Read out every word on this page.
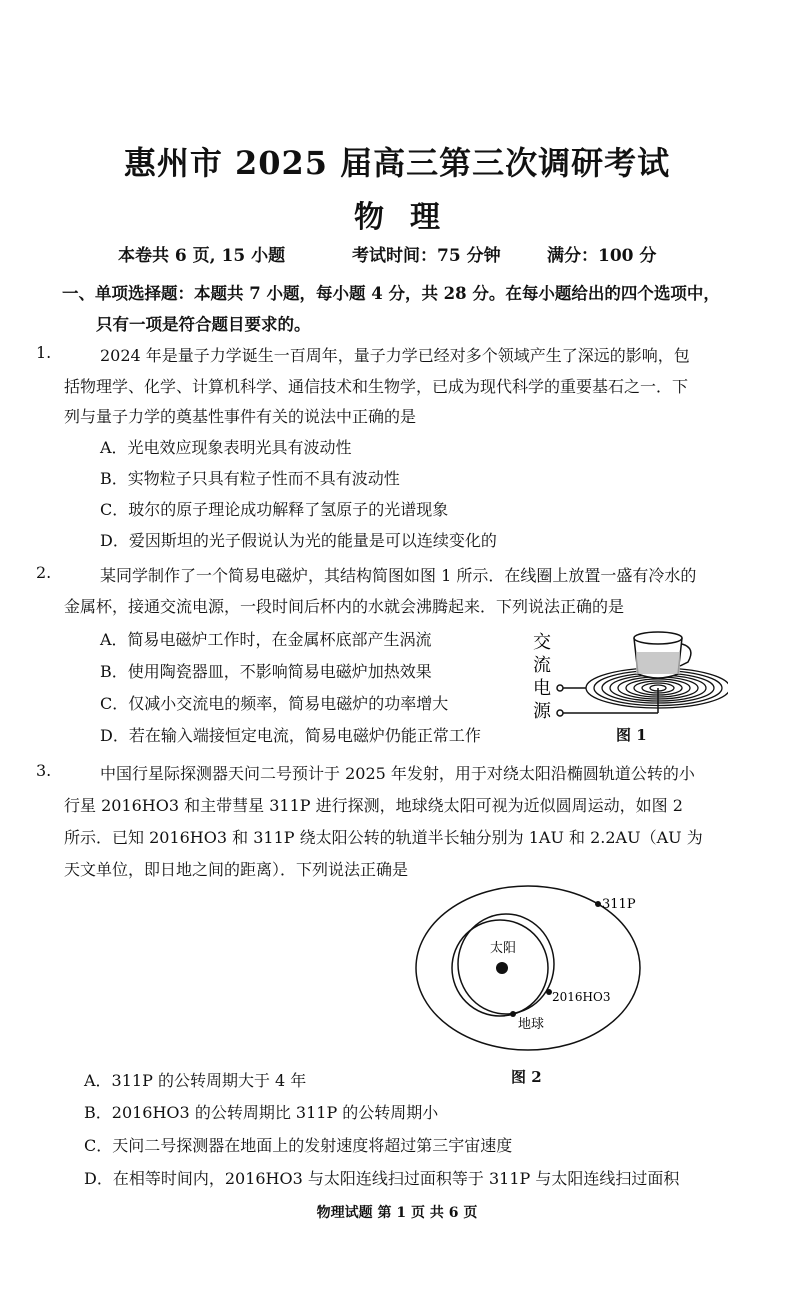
惠州市 2025 届高三第三次调研考试
物理
本卷共 6 页, 15 小题	考试时间：75 分钟	满分：100 分
一、单项选择题：本题共 7 小题，每小题 4 分，共 28 分。在每小题给出的四个选项中，
只有一项是符合题目要求的。
1.	2024 年是量子力学诞生一百周年，量子力学已经对多个领域产生了深远的影响，包
括物理学、化学、计算机科学、通信技术和生物学，已成为现代科学的重要基石之一．下
列与量子力学的奠基性事件有关的说法中正确的是
A．光电效应现象表明光具有波动性
B．实物粒子只具有粒子性而不具有波动性
C．玻尔的原子理论成功解释了氢原子的光谱现象
D．爱因斯坦的光子假说认为光的能量是可以连续变化的
2.	某同学制作了一个简易电磁炉，其结构简图如图 1 所示．在线圈上放置一盛有冷水的
金属杯，接通交流电源，一段时间后杯内的水就会沸腾起来．下列说法正确的是
A．简易电磁炉工作时，在金属杯底部产生涡流
B．使用陶瓷器皿，不影响简易电磁炉加热效果
C．仅减小交流电的频率，简易电磁炉的功率增大
D．若在输入端接恒定电流，简易电磁炉仍能正常工作
交
流
电
源
图 1
3.	中国行星际探测器天问二号预计于 2025 年发射，用于对绕太阳沿椭圆轨道公转的小
行星 2016HO3 和主带彗星 311P 进行探测，地球绕太阳可视为近似圆周运动，如图 2
所示．已知 2016HO3 和 311P 绕太阳公转的轨道半长轴分别为 1AU 和 2.2AU（AU 为
天文单位，即日地之间的距离）．下列说法正确是
太阳
311P
2016HO3
地球
图 2
A．311P 的公转周期大于 4 年
B．2016HO3 的公转周期比 311P 的公转周期小
C．天问二号探测器在地面上的发射速度将超过第三宇宙速度
D．在相等时间内，2016HO3 与太阳连线扫过面积等于 311P 与太阳连线扫过面积
物理试题 第 1 页 共 6 页
